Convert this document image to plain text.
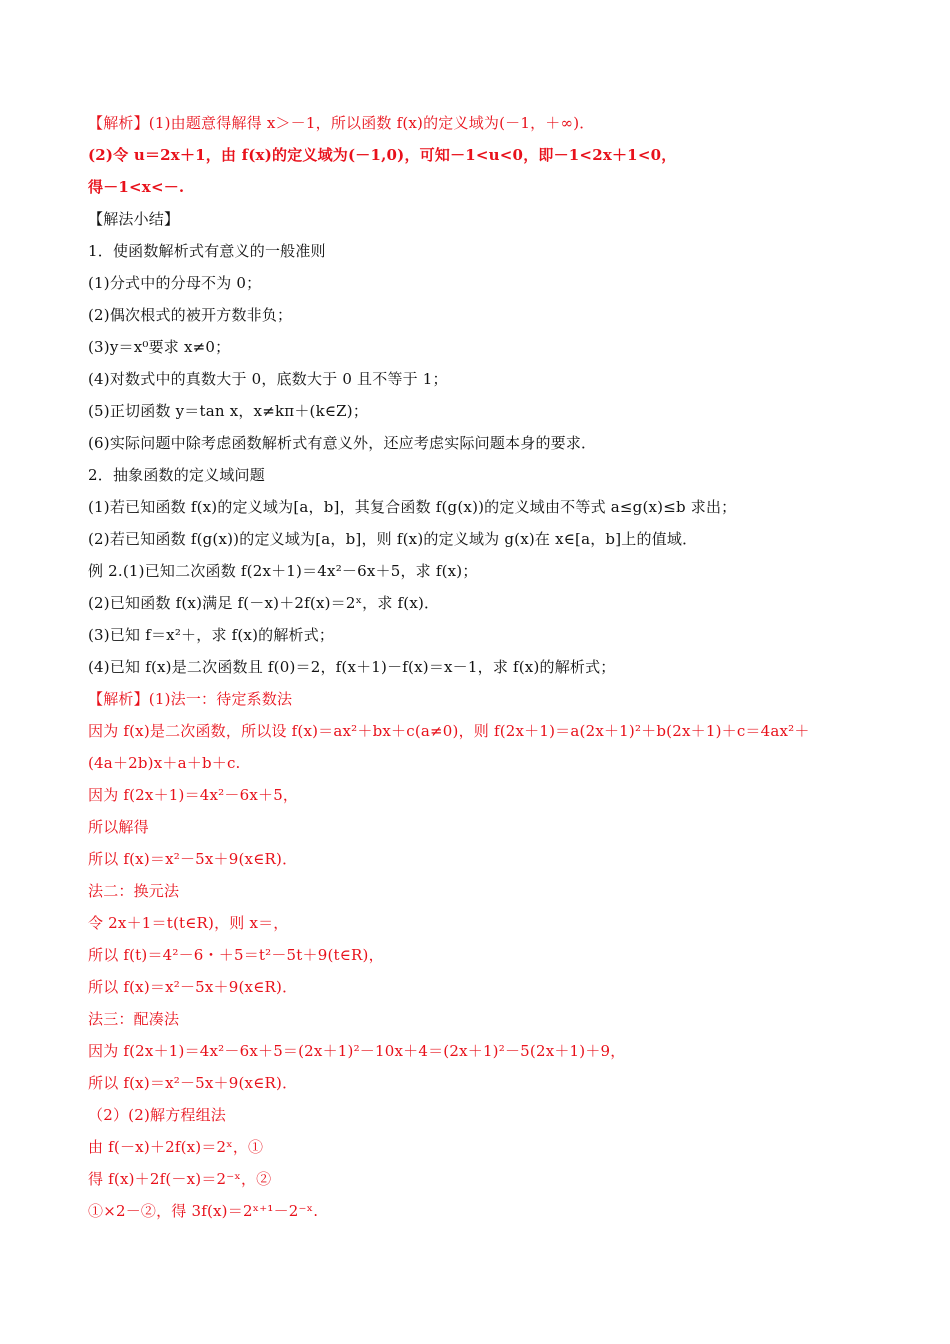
【解析】(1)由题意得解得 x＞－1，所以函数 f(x)的定义域为(－1，＋∞)．
(2)令 u＝2x＋1，由 f(x)的定义域为(－1,0)，可知－1<u<0，即－1<2x＋1<0，
得－1<x<－.
【解法小结】
1．使函数解析式有意义的一般准则
(1)分式中的分母不为 0；
(2)偶次根式的被开方数非负；
(3)y＝x⁰要求 x≠0；
(4)对数式中的真数大于 0，底数大于 0 且不等于 1；
(5)正切函数 y＝tan x，x≠kπ＋(k∈Z)；
(6)实际问题中除考虑函数解析式有意义外，还应考虑实际问题本身的要求．
2．抽象函数的定义域问题
(1)若已知函数 f(x)的定义域为[a，b]，其复合函数 f(g(x))的定义域由不等式 a≤g(x)≤b 求出；
(2)若已知函数 f(g(x))的定义域为[a，b]，则 f(x)的定义域为 g(x)在 x∈[a，b]上的值域．
例 2.(1)已知二次函数 f(2x＋1)＝4x²－6x＋5，求 f(x)；
(2)已知函数 f(x)满足 f(－x)＋2f(x)＝2ˣ，求 f(x)．
(3)已知 f＝x²＋，求 f(x)的解析式；
(4)已知 f(x)是二次函数且 f(0)＝2，f(x＋1)－f(x)＝x－1，求 f(x)的解析式；
【解析】(1)法一：待定系数法
因为 f(x)是二次函数，所以设 f(x)＝ax²＋bx＋c(a≠0)，则 f(2x＋1)＝a(2x＋1)²＋b(2x＋1)＋c＝4ax²＋
(4a＋2b)x＋a＋b＋c.
因为 f(2x＋1)＝4x²－6x＋5，
所以解得
所以 f(x)＝x²－5x＋9(x∈R)．
法二：换元法
令 2x＋1＝t(t∈R)，则 x＝，
所以 f(t)＝4²－6・＋5＝t²－5t＋9(t∈R)，
所以 f(x)＝x²－5x＋9(x∈R)．
法三：配凑法
因为 f(2x＋1)＝4x²－6x＋5＝(2x＋1)²－10x＋4＝(2x＋1)²－5(2x＋1)＋9，
所以 f(x)＝x²－5x＋9(x∈R)．
（2）(2)解方程组法
由 f(－x)＋2f(x)＝2ˣ，①
得 f(x)＋2f(－x)＝2⁻ˣ，②
①×2－②，得 3f(x)＝2ˣ⁺¹－2⁻ˣ.
